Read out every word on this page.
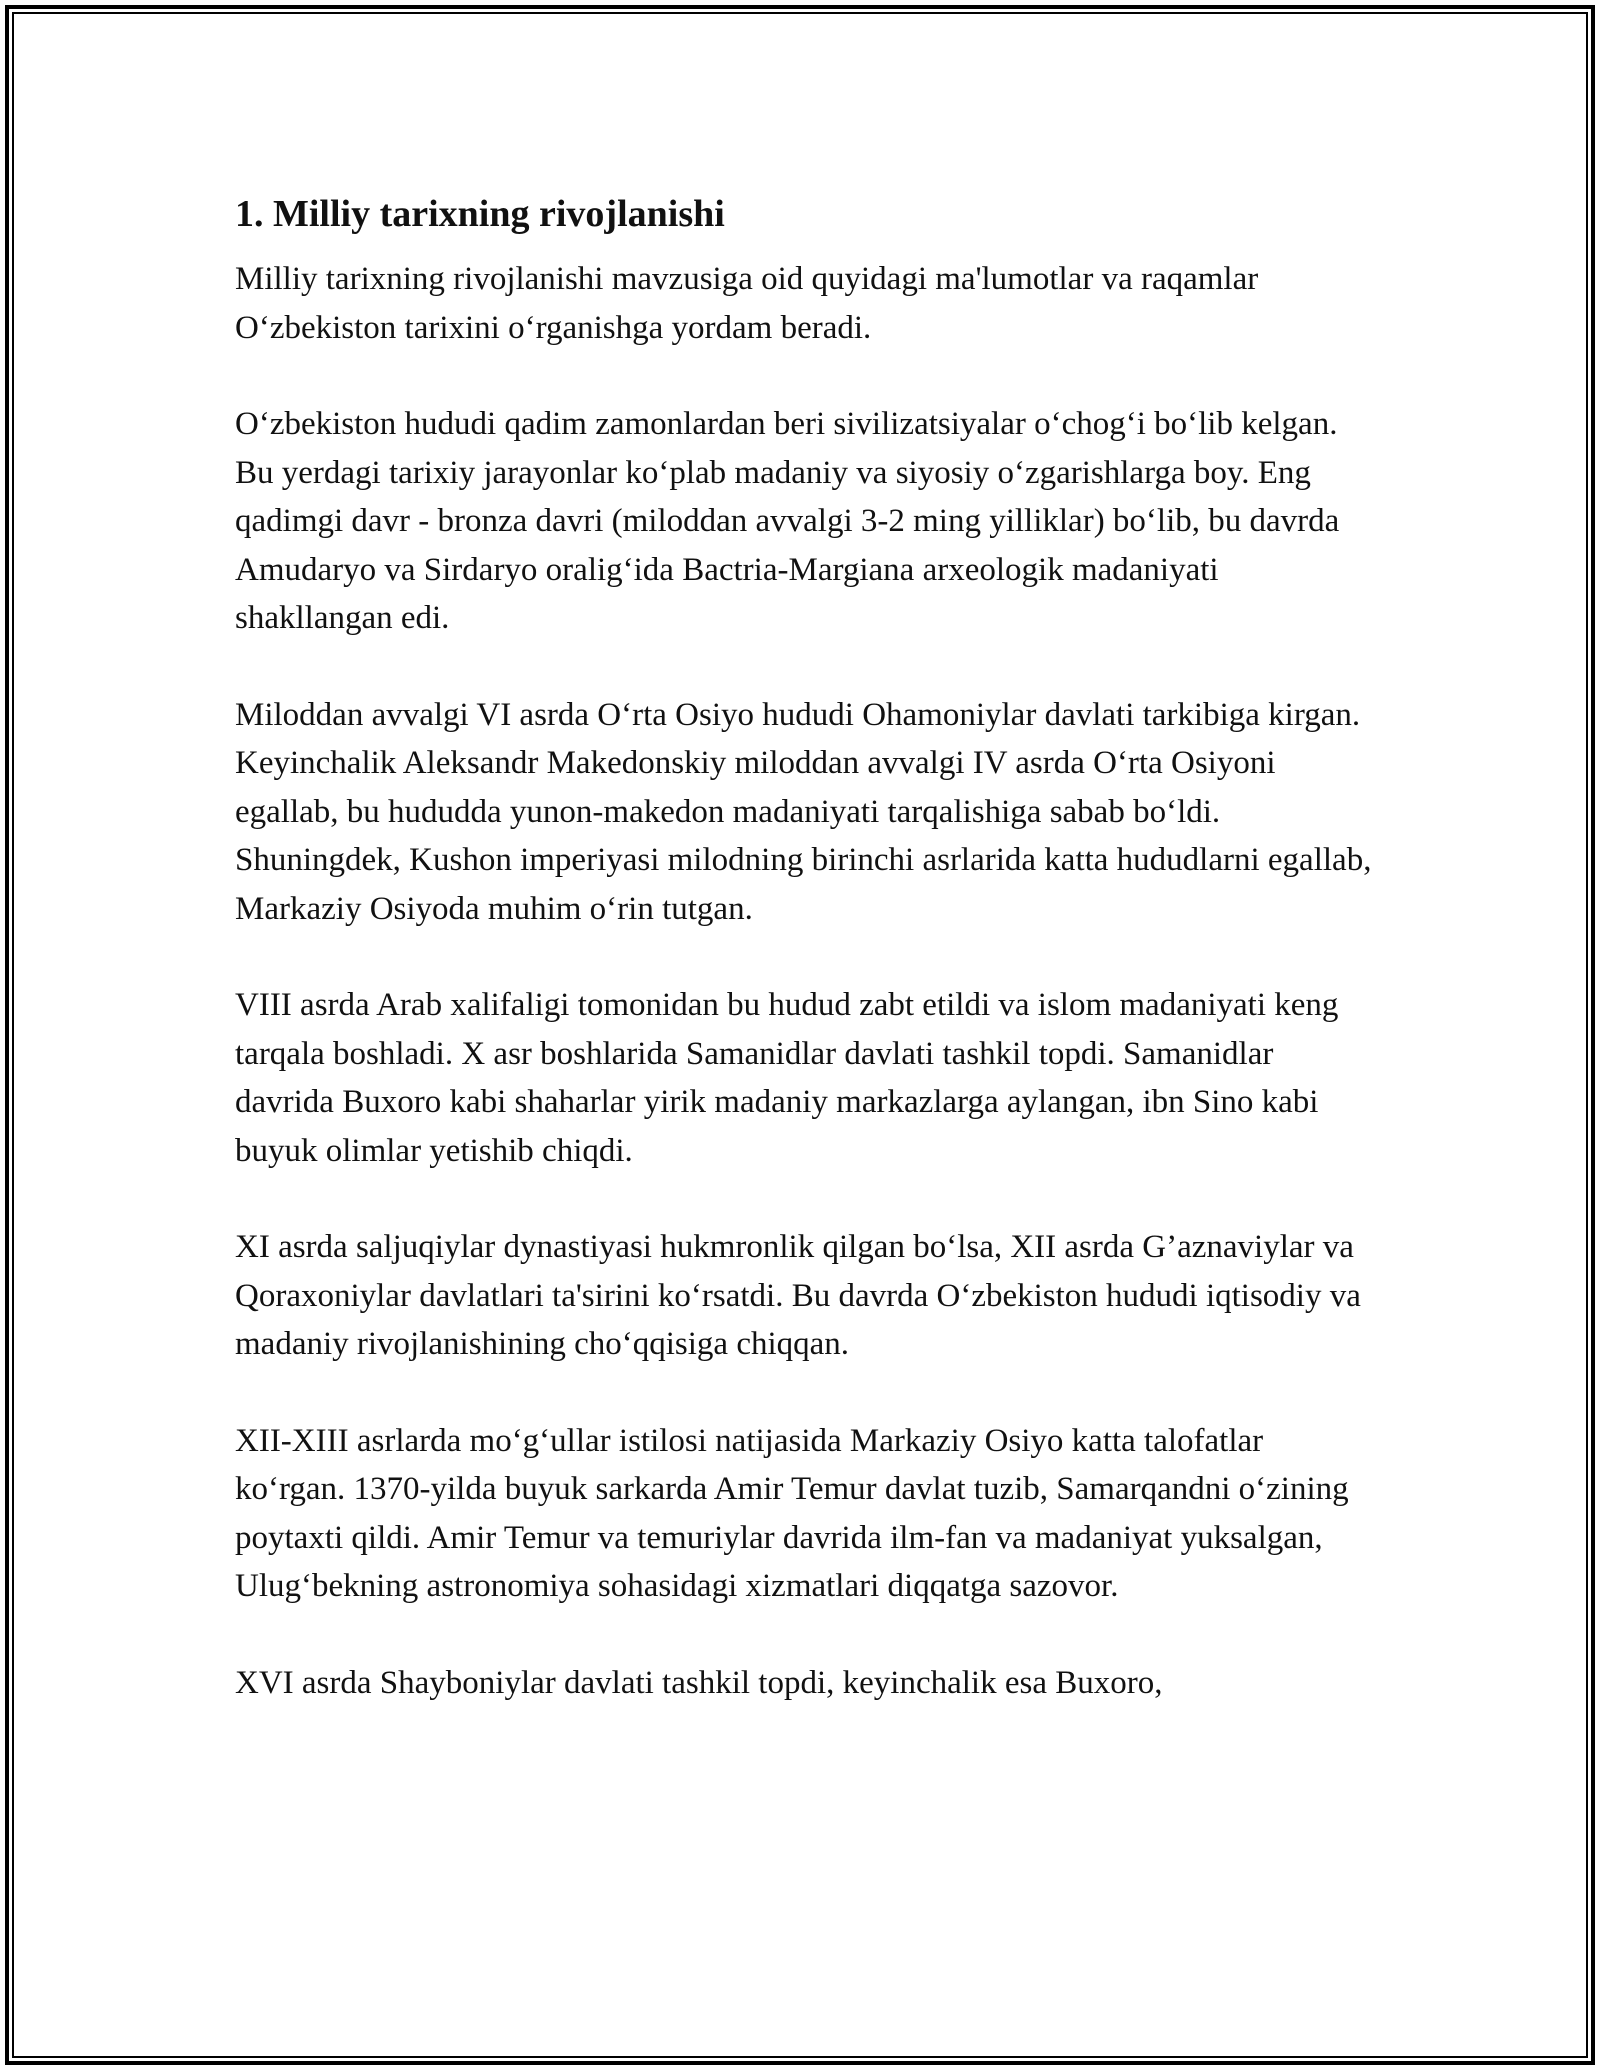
1. Milliy tarixning rivojlanishi

Milliy tarixning rivojlanishi mavzusiga oid quyidagi ma'lumotlar va raqamlar O‘zbekiston tarixini o‘rganishga yordam beradi.

O‘zbekiston hududi qadim zamonlardan beri sivilizatsiyalar o‘chog‘i bo‘lib kelgan. Bu yerdagi tarixiy jarayonlar ko‘plab madaniy va siyosiy o‘zgarishlarga boy. Eng qadimgi davr - bronza davri (miloddan avvalgi 3-2 ming yilliklar) bo‘lib, bu davrda Amudaryo va Sirdaryo oralig‘ida Bactria-Margiana arxeologik madaniyati shakllangan edi.

Miloddan avvalgi VI asrda O‘rta Osiyo hududi Ohamoniylar davlati tarkibiga kirgan. Keyinchalik Aleksandr Makedonskiy miloddan avvalgi IV asrda O‘rta Osiyoni egallab, bu hududda yunon-makedon madaniyati tarqalishiga sabab bo‘ldi. Shuningdek, Kushon imperiyasi milodning birinchi asrlarida katta hududlarni egallab, Markaziy Osiyoda muhim o‘rin tutgan.

VIII asrda Arab xalifaligi tomonidan bu hudud zabt etildi va islom madaniyati keng tarqala boshladi. X asr boshlarida Samanidlar davlati tashkil topdi. Samanidlar davrida Buxoro kabi shaharlar yirik madaniy markazlarga aylangan, ibn Sino kabi buyuk olimlar yetishib chiqdi.

XI asrda saljuqiylar dynastiyasi hukmronlik qilgan bo‘lsa, XII asrda G’aznaviylar va Qoraxoniylar davlatlari ta'sirini ko‘rsatdi. Bu davrda O‘zbekiston hududi iqtisodiy va madaniy rivojlanishining cho‘qqisiga chiqqan.

XII-XIII asrlarda mo‘g‘ullar istilosi natijasida Markaziy Osiyo katta talofatlar ko‘rgan. 1370-yilda buyuk sarkarda Amir Temur davlat tuzib, Samarqandni o‘zining poytaxti qildi. Amir Temur va temuriylar davrida ilm-fan va madaniyat yuksalgan, Ulug‘bekning astronomiya sohasidagi xizmatlari diqqatga sazovor.

XVI asrda Shayboniylar davlati tashkil topdi, keyinchalik esa Buxoro,
